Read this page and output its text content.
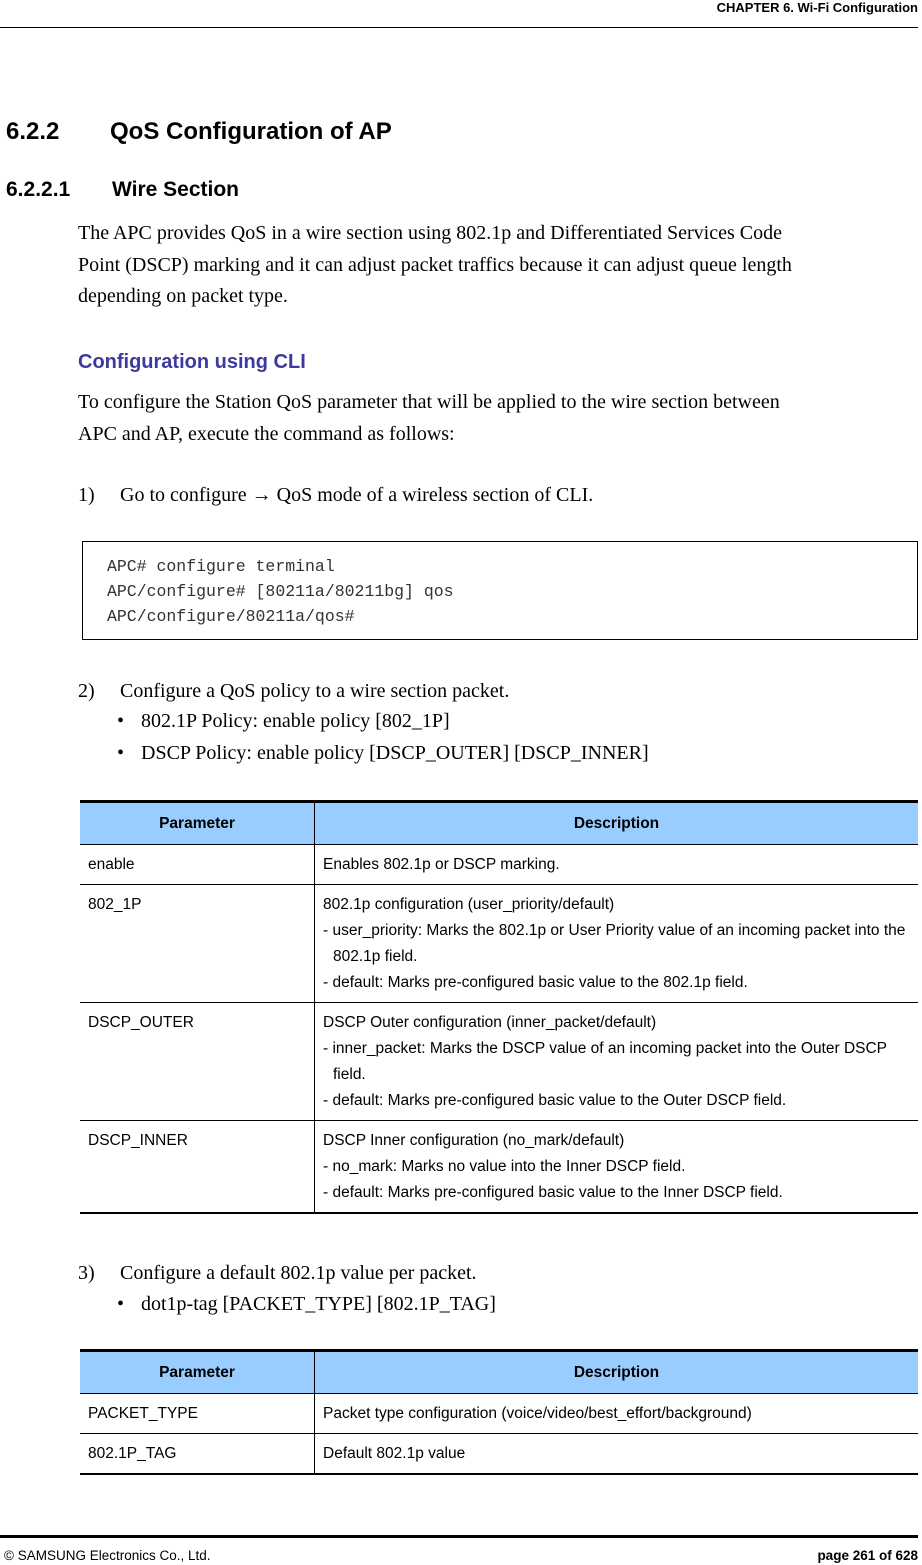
CHAPTER 6. Wi-Fi Configuration
6.2.2 QoS Configuration of AP
6.2.2.1 Wire Section
The APC provides QoS in a wire section using 802.1p and Differentiated Services Code
Point (DSCP) marking and it can adjust packet traffics because it can adjust queue length
depending on packet type.
Configuration using CLI
To configure the Station QoS parameter that will be applied to the wire section between
APC and AP, execute the command as follows:
1) Go to configure → QoS mode of a wireless section of CLI.
APC# configure terminal
APC/configure# [80211a/80211bg] qos
APC/configure/80211a/qos#
2) Configure a QoS policy to a wire section packet.
• 802.1P Policy: enable policy [802_1P]
• DSCP Policy: enable policy [DSCP_OUTER] [DSCP_INNER]
Parameter	Description
enable	Enables 802.1p or DSCP marking.

802_1P	802.1p configuration (user_priority/default)
- user_priority: Marks the 802.1p or User Priority value of an incoming packet into the 802.1p field.
- default: Marks pre-configured basic value to the 802.1p field.

DSCP_OUTER	DSCP Outer configuration (inner_packet/default)
- inner_packet: Marks the DSCP value of an incoming packet into the Outer DSCP field.
- default: Marks pre-configured basic value to the Outer DSCP field.

DSCP_INNER	DSCP Inner configuration (no_mark/default)
- no_mark: Marks no value into the Inner DSCP field.
- default: Marks pre-configured basic value to the Inner DSCP field.
3) Configure a default 802.1p value per packet.
• dot1p-tag [PACKET_TYPE] [802.1P_TAG]
Parameter	Description
PACKET_TYPE	Packet type configuration (voice/video/best_effort/background)
802.1P_TAG	Default 802.1p value
© SAMSUNG Electronics Co., Ltd.	page 261 of 628
